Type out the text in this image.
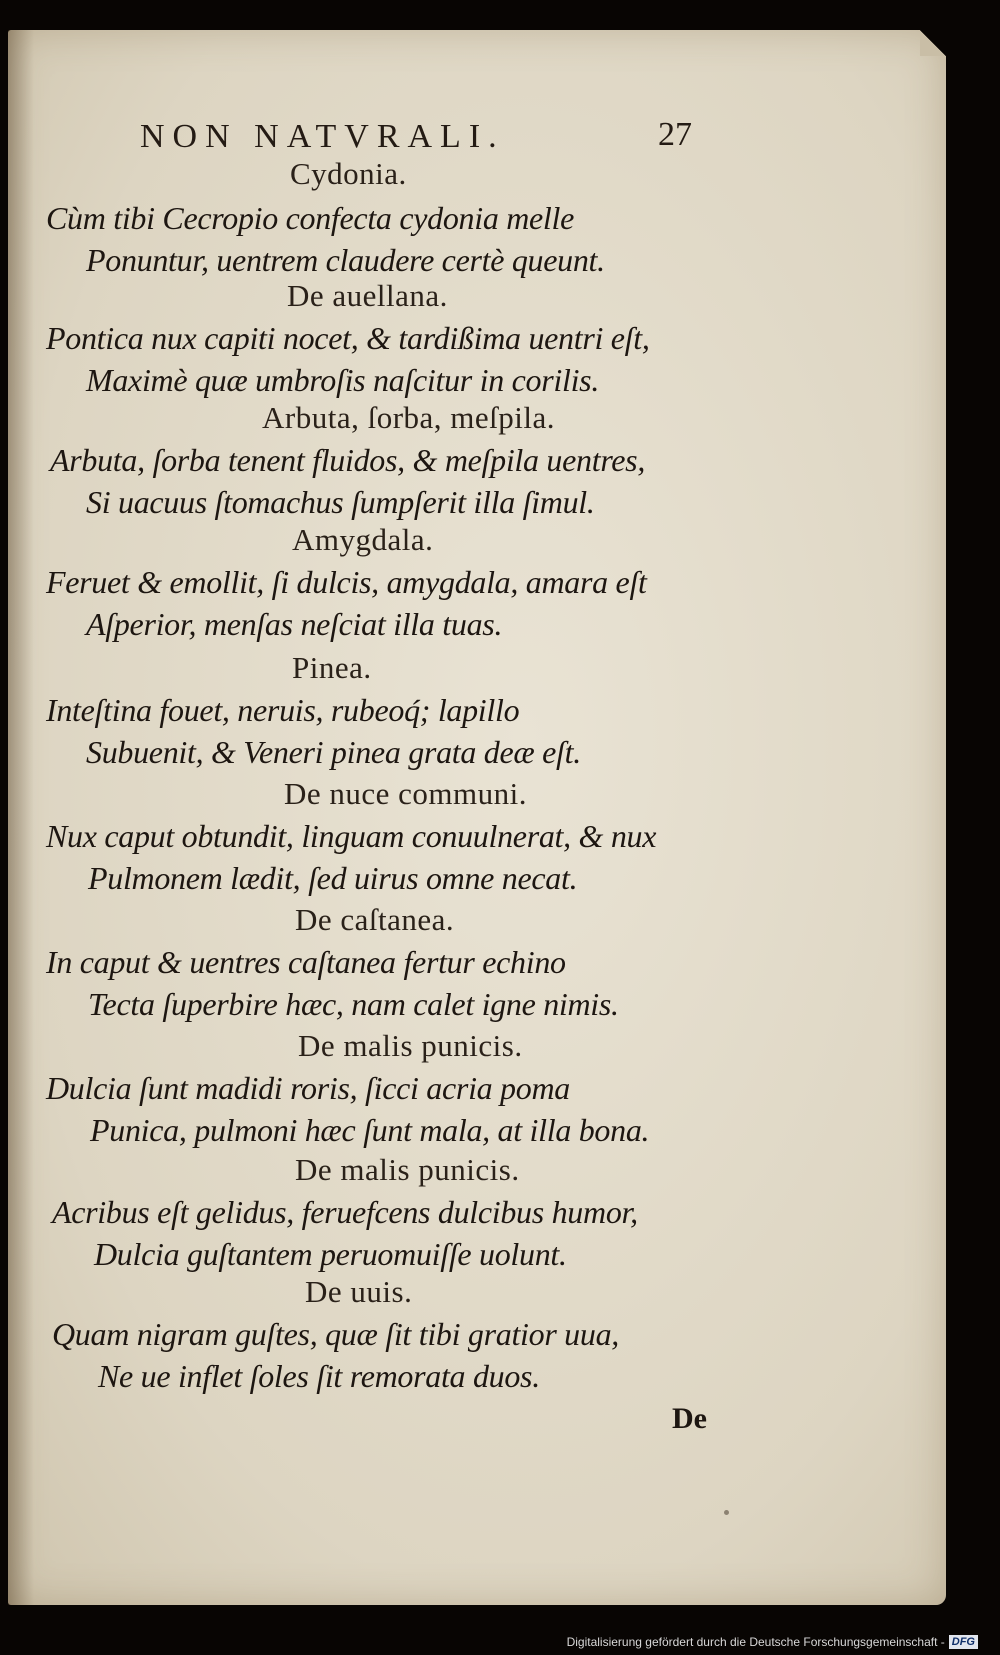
NON NATVRALI.	27
Cydonia.
Cùm tibi Cecropio confecta cydonia melle
Ponuntur, uentrem claudere certè queunt.
De auellana.
Pontica nux capiti nocet, & tardißima uentri eſt,
Maximè quæ umbroſis naſcitur in corilis.
Arbuta, ſorba, meſpila.
Arbuta, ſorba tenent fluidos, & meſpila uentres,
Si uacuus ſtomachus ſumpſerit illa ſimul.
Amygdala.
Feruet & emollit, ſi dulcis, amygdala, amara eſt
Aſperior, menſas neſciat illa tuas.
Pinea.
Inteſtina fouet, neruis, rubeoq́; lapillo
Subuenit, & Veneri pinea grata deæ eſt.
De nuce communi.
Nux caput obtundit, linguam conuulnerat, & nux
Pulmonem lædit, ſed uirus omne necat.
De caſtanea.
In caput & uentres caſtanea fertur echino
Tecta ſuperbire hæc, nam calet igne nimis.
De malis punicis.
Dulcia ſunt madidi roris, ſicci acria poma
Punica, pulmoni hæc ſunt mala, at illa bona.
De malis punicis.
Acribus eſt gelidus, feruefcens dulcibus humor,
Dulcia guſtantem peruomuiſſe uolunt.
De uuis.
Quam nigram guſtes, quæ ſit tibi gratior uua,
Ne ue inflet ſoles ſit remorata duos.
De
Digitalisierung gefördert durch die Deutsche Forschungsgemeinschaft - DFG
